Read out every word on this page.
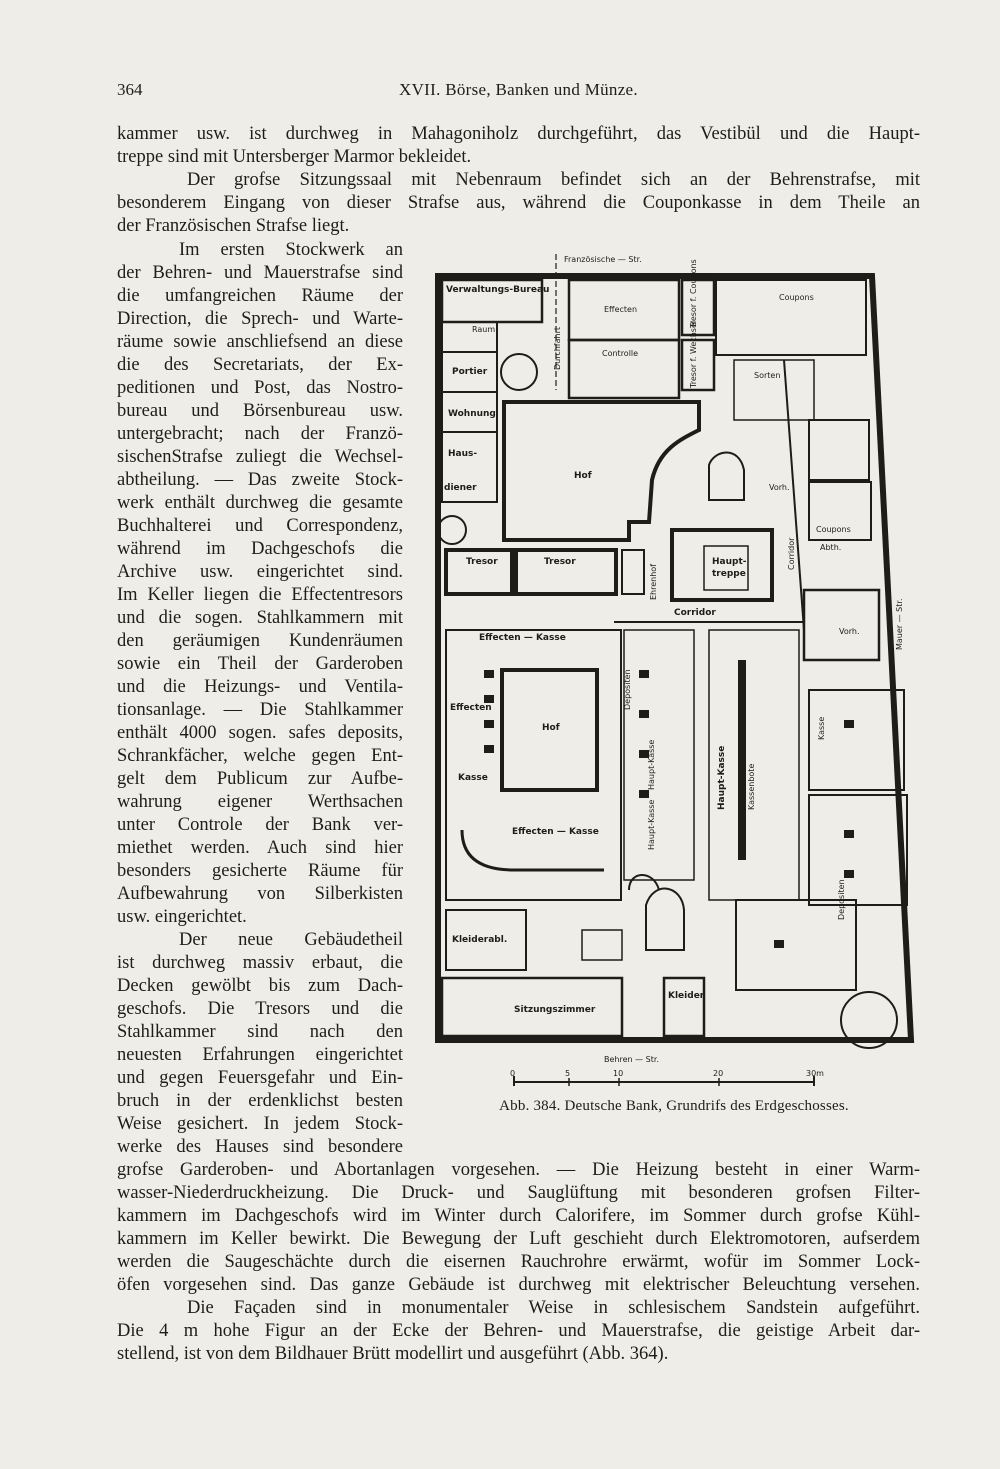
364	XVII. Börse, Banken und Münze.
kammer usw. ist durchweg in Mahagoniholz durchgeführt, das Vestibül und die Haupt-
treppe sind mit Untersberger Marmor bekleidet.
Der grofse Sitzungssaal mit Nebenraum befindet sich an der Behrenstrafse, mit
besonderem Eingang von dieser Strafse aus, während die Couponkasse in dem Theile an
der Französischen Strafse liegt.
Im ersten Stockwerk an
der Behren- und Mauerstrafse sind
die umfangreichen Räume der
Direction, die Sprech- und Warte-
räume sowie anschliefsend an diese
die des Secretariats, der Ex-
peditionen und Post, das Nostro-
bureau und Börsenbureau usw.
untergebracht; nach der Franzö-
sischenStrafse zuliegt die Wechsel-
abtheilung. — Das zweite Stock-
werk enthält durchweg die gesamte
Buchhalterei und Correspondenz,
während im Dachgeschofs die
Archive usw. eingerichtet sind.
Im Keller liegen die Effectentresors
und die sogen. Stahlkammern mit
den geräumigen Kundenräumen
sowie ein Theil der Garderoben
und die Heizungs- und Ventila-
tionsanlage. — Die Stahlkammer
enthält 4000 sogen. safes deposits,
Schrankfächer, welche gegen Ent-
gelt dem Publicum zur Aufbe-
wahrung eigener Werthsachen
unter Controle der Bank ver-
miethet werden. Auch sind hier
besonders gesicherte Räume für
Aufbewahrung von Silberkisten
usw. eingerichtet.
Der neue Gebäudetheil
ist durchweg massiv erbaut, die
Decken gewölbt bis zum Dach-
geschofs. Die Tresors und die
Stahlkammer sind nach den
neuesten Erfahrungen eingerichtet
und gegen Feuersgefahr und Ein-
bruch in der erdenklichst besten
Weise gesichert. In jedem Stock-
werke des Hauses sind besondere
grofse Garderoben- und Abortanlagen vorgesehen. — Die Heizung besteht in einer Warm-
wasser-Niederdruckheizung. Die Druck- und Sauglüftung mit besonderen grofsen Filter-
kammern im Dachgeschofs wird im Winter durch Calorifere, im Sommer durch grofse Kühl-
kammern im Keller bewirkt. Die Bewegung der Luft geschieht durch Elektromotoren, aufserdem
werden die Saugeschächte durch die eisernen Rauchrohre erwärmt, wofür im Sommer Lock-
öfen vorgesehen sind. Das ganze Gebäude ist durchweg mit elektrischer Beleuchtung versehen.
Die Façaden sind in monumentaler Weise in schlesischem Sandstein aufgeführt.
Die 4 m hohe Figur an der Ecke der Behren- und Mauerstrafse, die geistige Arbeit dar-
stellend, ist von dem Bildhauer Brütt modellirt und ausgeführt (Abb. 364).
Französische — Str.
Behren — Str.
Mauer — Str.
Verwaltungs-Bureau
Raum
Portier
Wohnung
Haus-
diener
Durchfahrt
Effecten
Controlle
Tresor f. Coupons
Tresor f. Wechsel
Coupons
Sorten
Hof
Vorh.
Coupons
Abth.
Tresor	Tresor
Ehrenhof
Haupt-
treppe
Corridor
Corridor
Vorh.
Effecten — Kasse
Effecten
Hof
Kasse
Effecten — Kasse
Depositen
Haupt-Kasse
Haupt-Kasse
Haupt-Kasse	Kassenbote
Kasse
Depositen
Kleiderabl.
Sitzungszimmer
Kleider
0	5	10	20	30m
Abb. 384. Deutsche Bank, Grundrifs des Erdgeschosses.
